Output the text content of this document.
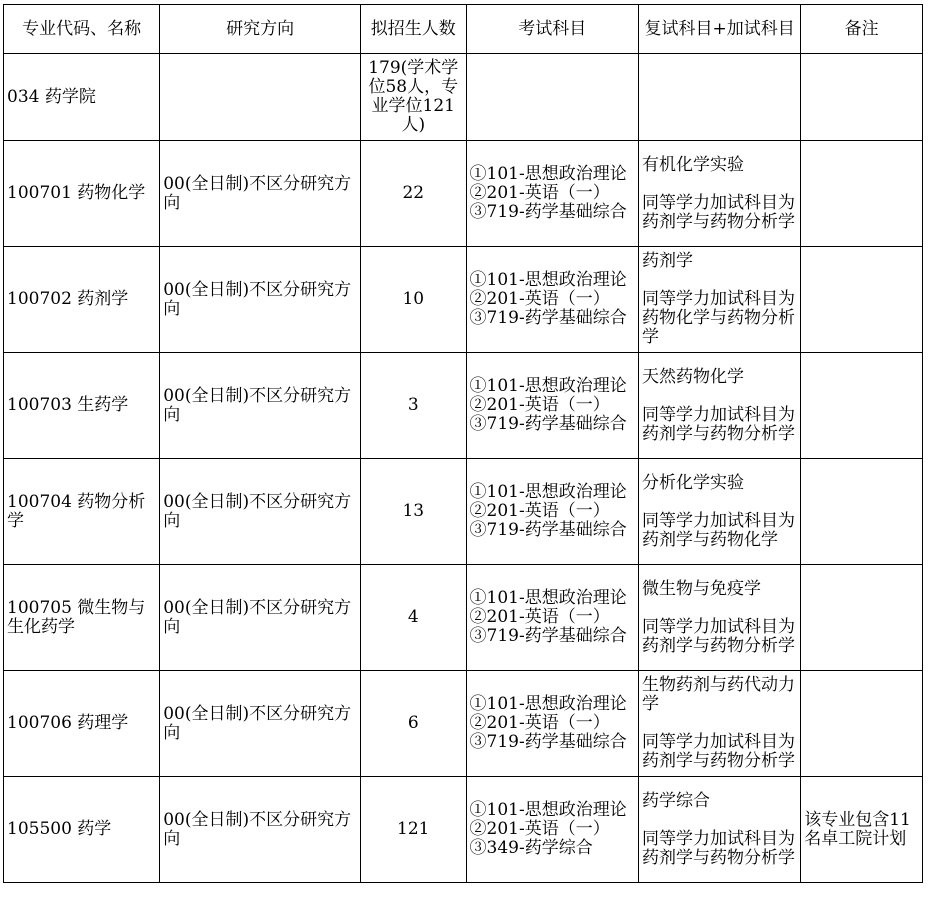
专业代码、名称	研究方向	拟招生人数	考试科目	复试科目+加试科目	备注
034 药学院		179(学术学位58人，专业学位121人)			
100701 药物化学	00(全日制)不区分研究方向	22	①101-思想政治理论
②201-英语（一）
③719-药学基础综合	有机化学实验
同等学力加试科目为药剂学与药物分析学	

100702 药剂学	00(全日制)不区分研究方向	10	①101-思想政治理论
②201-英语（一）
③719-药学基础综合	药剂学
同等学力加试科目为药物化学与药物分析学	

100703 生药学	00(全日制)不区分研究方向	3	①101-思想政治理论
②201-英语（一）
③719-药学基础综合	天然药物化学
同等学力加试科目为药剂学与药物分析学	

100704 药物分析学	00(全日制)不区分研究方向	13	①101-思想政治理论
②201-英语（一）
③719-药学基础综合	分析化学实验
同等学力加试科目为药剂学与药物化学	

100705 微生物与生化药学	00(全日制)不区分研究方向	4	①101-思想政治理论
②201-英语（一）
③719-药学基础综合	微生物与免疫学
同等学力加试科目为药剂学与药物分析学	

100706 药理学	00(全日制)不区分研究方向	6	①101-思想政治理论
②201-英语（一）
③719-药学基础综合	生物药剂与药代动力学
同等学力加试科目为药剂学与药物分析学	

105500 药学	00(全日制)不区分研究方向	121	①101-思想政治理论
②201-英语（一）
③349-药学综合	药学综合
同等学力加试科目为药剂学与药物分析学	该专业包含11名卓工院计划
